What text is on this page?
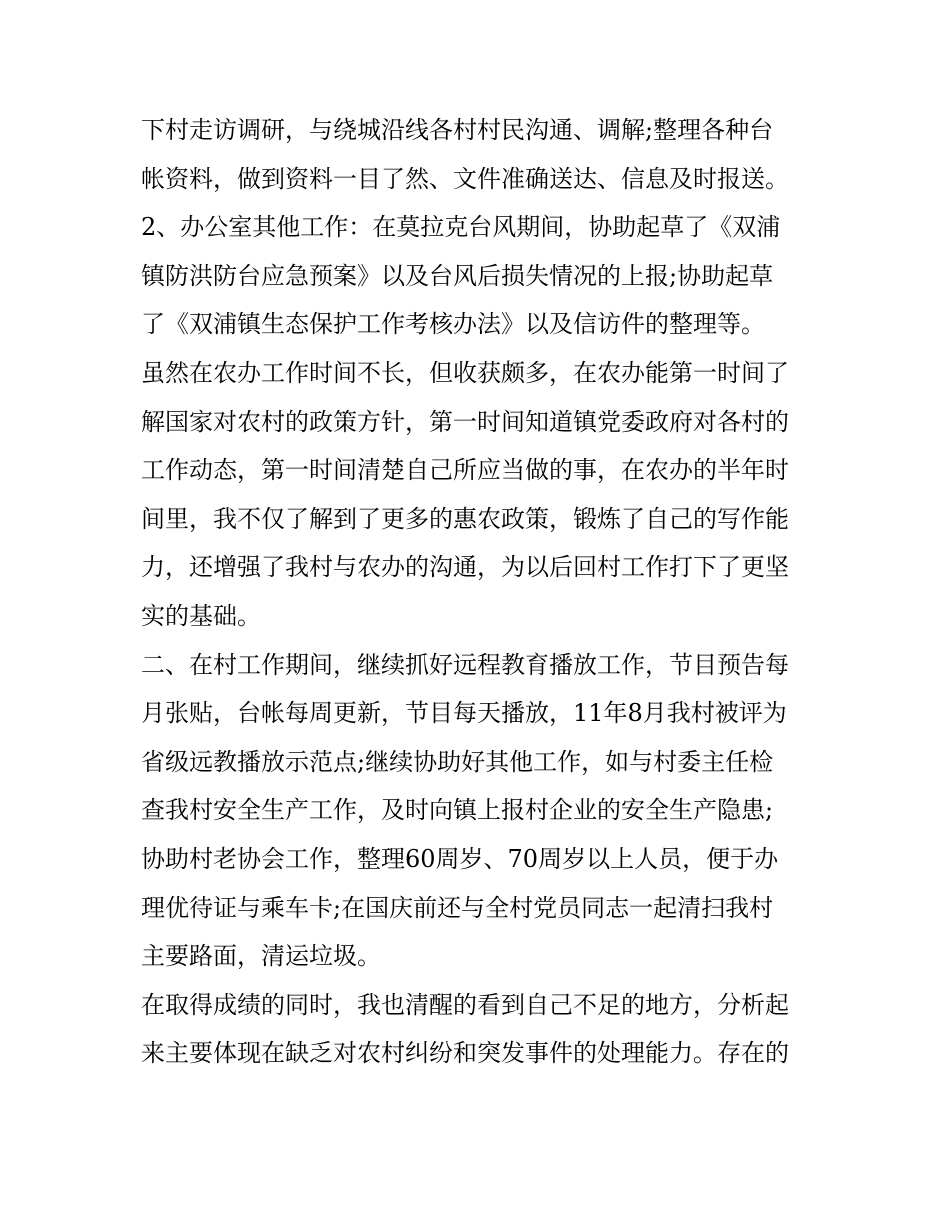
下村走访调研，与绕城沿线各村村民沟通、调解;整理各种台
帐资料，做到资料一目了然、文件准确送达、信息及时报送。
2、办公室其他工作：在莫拉克台风期间，协助起草了《双浦
镇防洪防台应急预案》以及台风后损失情况的上报;协助起草
了《双浦镇生态保护工作考核办法》以及信访件的整理等。
虽然在农办工作时间不长，但收获颇多，在农办能第一时间了
解国家对农村的政策方针，第一时间知道镇党委政府对各村的
工作动态，第一时间清楚自己所应当做的事，在农办的半年时
间里，我不仅了解到了更多的惠农政策，锻炼了自己的写作能
力，还增强了我村与农办的沟通，为以后回村工作打下了更坚
实的基础。
二、在村工作期间，继续抓好远程教育播放工作，节目预告每
月张贴，台帐每周更新，节目每天播放，11年8月我村被评为
省级远教播放示范点;继续协助好其他工作，如与村委主任检
查我村安全生产工作，及时向镇上报村企业的安全生产隐患;
协助村老协会工作，整理60周岁、70周岁以上人员，便于办
理优待证与乘车卡;在国庆前还与全村党员同志一起清扫我村
主要路面，清运垃圾。
在取得成绩的同时，我也清醒的看到自己不足的地方，分析起
来主要体现在缺乏对农村纠纷和突发事件的处理能力。存在的
